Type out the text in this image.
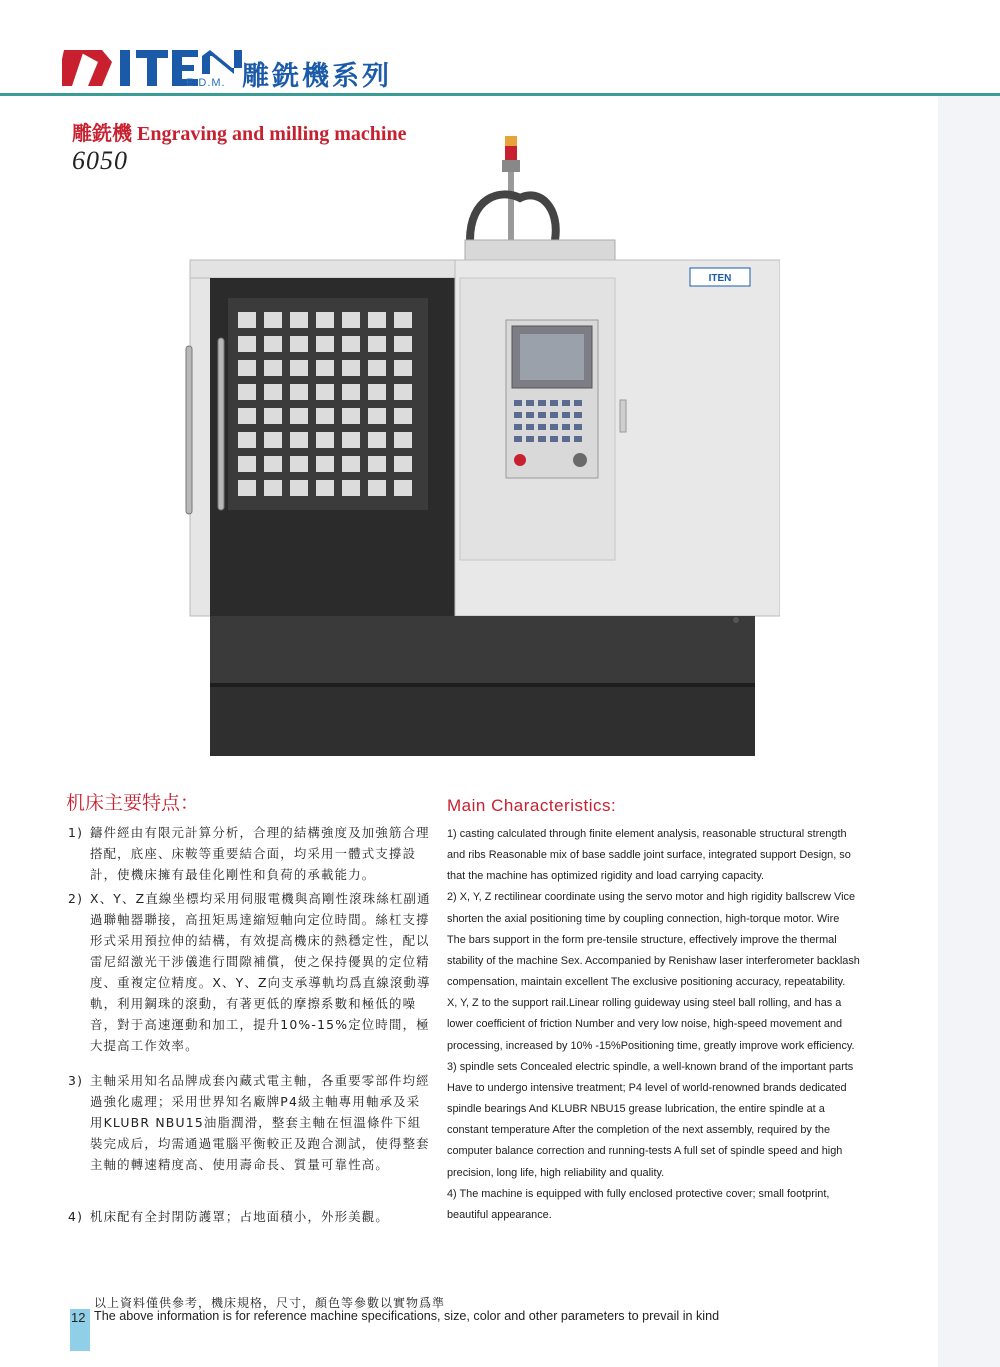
E.D.M. 雕銑機系列
雕銑機 Engraving and milling machine
6050
ITEN
机床主要特点：
1) 鑄件經由有限元計算分析，合理的結構強度及加強筋合理搭配，底座、床鞍等重要結合面，均采用一體式支撐設計，使機床擁有最佳化剛性和負荷的承載能力。
2) X、Y、Z直線坐標均采用伺服電機與高剛性滾珠絲杠副通過聯軸器聯接，高扭矩馬達縮短軸向定位時間。絲杠支撐形式采用預拉伸的結構，有效提高機床的熱穩定性，配以雷尼紹激光干涉儀進行間隙補償，使之保持優異的定位精度、重複定位精度。X、Y、Z向支承導軌均爲直線滾動導軌，利用鋼珠的滾動，有著更低的摩擦系數和極低的噪音，對于高速運動和加工，提升10%-15%定位時間，極大提高工作效率。
3) 主軸采用知名品牌成套內藏式電主軸，各重要零部件均經過強化處理；采用世界知名廠牌P4級主軸專用軸承及采用KLUBR NBU15油脂潤滑，整套主軸在恒溫條件下組裝完成后，均需通過電腦平衡較正及跑合測試，使得整套主軸的轉速精度高、使用壽命長、質量可靠性高。
4) 机床配有全封閉防護罩；占地面積小，外形美觀。
Main Characteristics:

1) casting calculated through finite element analysis, reasonable structural strength

and ribs Reasonable mix of base saddle joint surface, integrated support Design, so

that the machine has optimized rigidity and load carrying capacity.

2) X, Y, Z rectilinear coordinate using the servo motor and high rigidity ballscrew Vice

shorten the axial positioning time by coupling connection, high-torque motor. Wire

The bars support in the form pre-tensile structure, effectively improve the thermal

stability of the machine Sex. Accompanied by Renishaw laser interferometer backlash

compensation, maintain excellent The exclusive positioning accuracy, repeatability.

X, Y, Z to the support rail.Linear rolling guideway using steel ball rolling, and has a

lower coefficient of friction Number and very low noise, high-speed movement and

processing, increased by 10% -15%Positioning time, greatly improve work efficiency.

3) spindle sets Concealed electric spindle, a well-known brand of the important parts

Have to undergo intensive treatment; P4 level of world-renowned brands dedicated

spindle bearings And KLUBR NBU15 grease lubrication, the entire spindle at a

constant temperature After the completion of the next assembly, required by the

computer balance correction and running-tests A full set of spindle speed and high

precision, long life, high reliability and quality.

4) The machine is equipped with fully enclosed protective cover; small footprint,

beautiful appearance.

以上資料僅供參考，機床規格，尺寸，顏色等參數以實物爲準
12 The above information is for reference machine specifications, size, color and other parameters to prevail in kind
